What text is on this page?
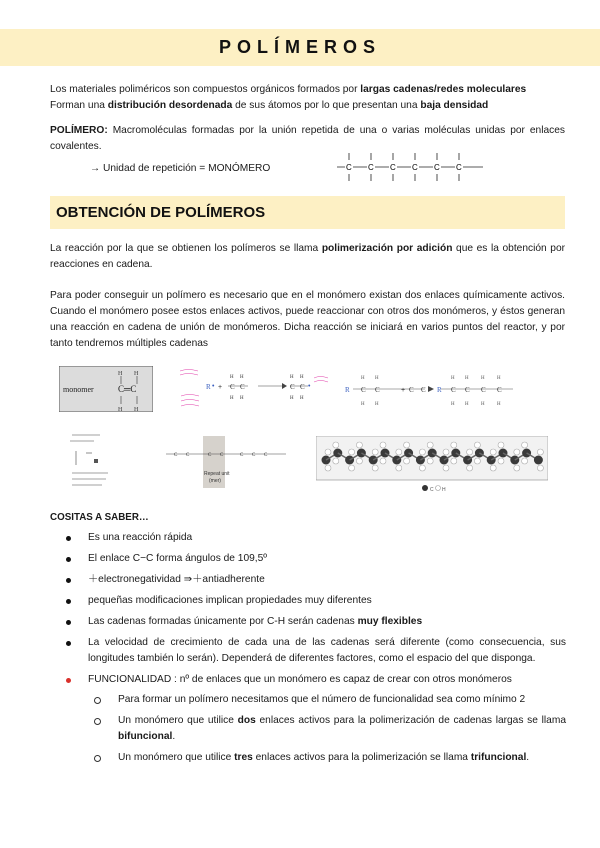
POLÍMEROS

Los materiales poliméricos son compuestos orgánicos formados por largas cadenas/redes moleculares

Forman una distribución desordenada de sus átomos por lo que presentan una baja densidad

POLÍMERO: Macromoléculas formadas por la unión repetida de una o varias moléculas unidas por enlaces covalentes.

→ Unidad de repetición = MONÓMERO	C C C C C C
OBTENCIÓN DE POLÍMEROS

La reacción por la que se obtienen los polímeros se llama polimerización por adición que es la obtención por reacciones en cadena.

Para poder conseguir un polímero es necesario que en el monómero existan dos enlaces químicamente activos. Cuando el monómero posee estos enlaces activos, puede reaccionar con otros dos monómeros, y éstos generan una reacción en cadena de unión de monómeros. Dicha reacción se iniciará en varios puntos del reactor, y por tanto tendremos múltiples cadenas

monomer	C═C
H H
H H
R • + C C	C C •
H H
H H
H H
H H
R	+	R
C C	C C	C C C C
H H
H H
H H H H
H H H H
C C	C C	C C C
Repeat unit
(mer)
C H
COSITAS A SABER…
Es una reacción rápida
El enlace C−C forma ángulos de 109,5º
＋electronegatividad ⇛＋antiadherente
pequeñas modificaciones implican propiedades muy diferentes
Las cadenas formadas únicamente por C-H serán cadenas muy flexibles
La velocidad de crecimiento de cada una de las cadenas será diferente (como consecuencia, sus longitudes también lo serán). Dependerá de diferentes factores, como el espacio del que disponga.
FUNCIONALIDAD : nº de enlaces que un monómero es capaz de crear con otros monómeros
Para formar un polímero necesitamos que el número de funcionalidad sea como mínimo 2
Un monómero que utilice dos enlaces activos para la polimerización de cadenas largas se llama bifuncional.
Un monómero que utilice tres enlaces activos para la polimerización se llama trifuncional.
